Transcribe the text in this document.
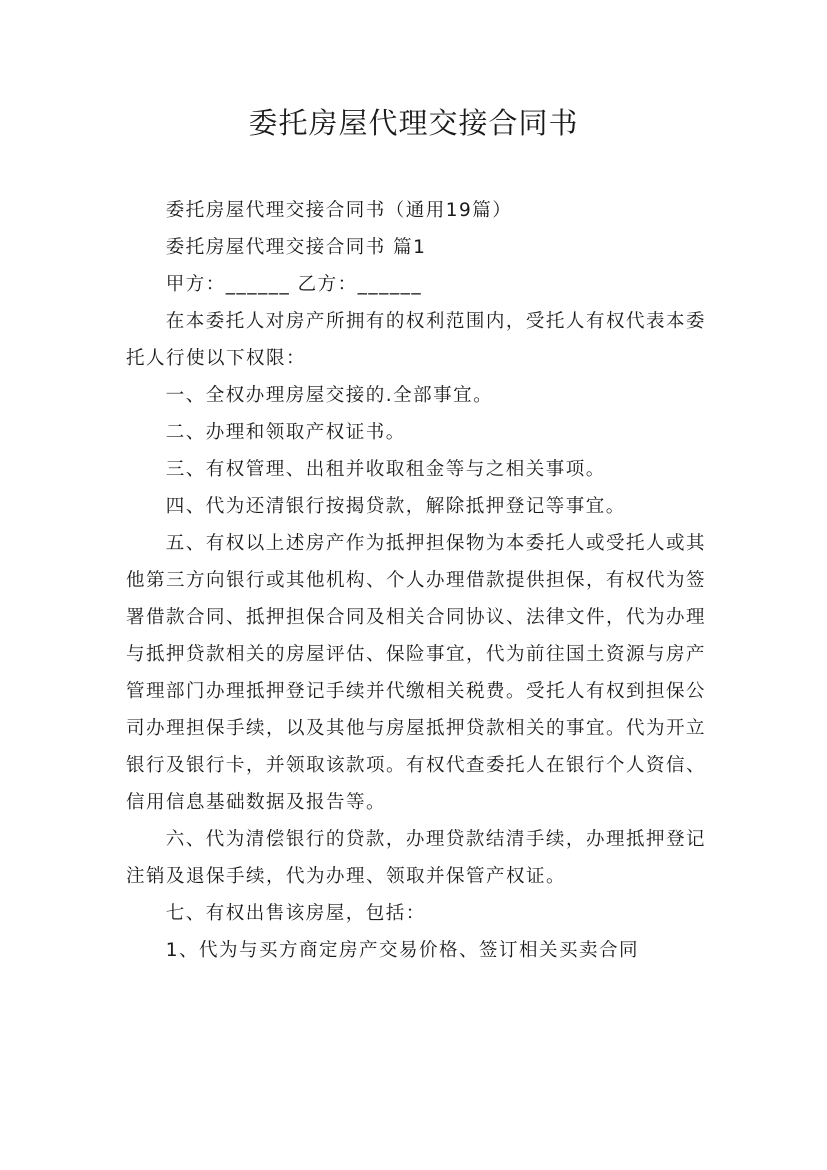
委托房屋代理交接合同书

委托房屋代理交接合同书（通用19篇）

委托房屋代理交接合同书 篇1

甲方：______ 乙方：______

在本委托人对房产所拥有的权利范围内，受托人有权代表本委托人行使以下权限：

一、全权办理房屋交接的.全部事宜。

二、办理和领取产权证书。

三、有权管理、出租并收取租金等与之相关事项。

四、代为还清银行按揭贷款，解除抵押登记等事宜。

五、有权以上述房产作为抵押担保物为本委托人或受托人或其他第三方向银行或其他机构、个人办理借款提供担保，有权代为签署借款合同、抵押担保合同及相关合同协议、法律文件，代为办理与抵押贷款相关的房屋评估、保险事宜，代为前往国土资源与房产管理部门办理抵押登记手续并代缴相关税费。受托人有权到担保公司办理担保手续，以及其他与房屋抵押贷款相关的事宜。代为开立银行及银行卡，并领取该款项。有权代查委托人在银行个人资信、信用信息基础数据及报告等。

六、代为清偿银行的贷款，办理贷款结清手续，办理抵押登记注销及退保手续，代为办理、领取并保管产权证。

七、有权出售该房屋，包括：

1、代为与买方商定房产交易价格、签订相关买卖合同
